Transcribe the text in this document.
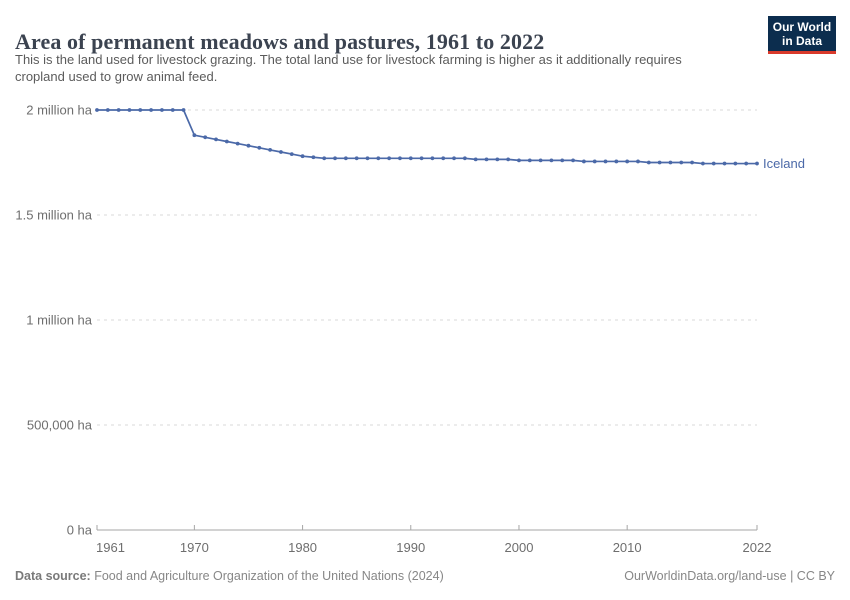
2 million ha
1.5 million ha
1 million ha
500,000 ha
0 ha
1961	1970	1980	1990	2000	2010	2022
Iceland
Area of permanent meadows and pastures, 1961 to 2022
This is the land used for livestock grazing. The total land use for livestock farming is higher as it additionally requires cropland used to grow animal feed.
Our World
in Data
Data source: Food and Agriculture Organization of the United Nations (2024)	OurWorldinData.org/land-use | CC BY
